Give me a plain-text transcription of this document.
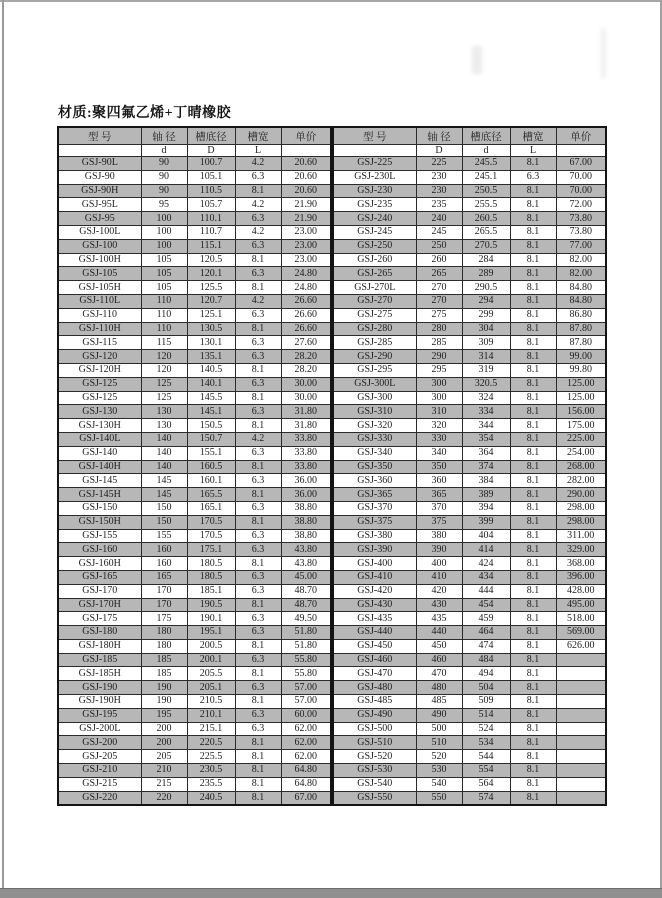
材质:聚四氟乙烯+丁晴橡胶
型 号	轴 径	槽底径	槽宽	单价
	d	D	L	
GSJ-90L	90	100.7	4.2	20.60
GSJ-90	90	105.1	6.3	20.60
GSJ-90H	90	110.5	8.1	20.60
GSJ-95L	95	105.7	4.2	21.90
GSJ-95	100	110.1	6.3	21.90
GSJ-100L	100	110.7	4.2	23.00
GSJ-100	100	115.1	6.3	23.00
GSJ-100H	105	120.5	8.1	23.00
GSJ-105	105	120.1	6.3	24.80
GSJ-105H	105	125.5	8.1	24.80
GSJ-110L	110	120.7	4.2	26.60
GSJ-110	110	125.1	6.3	26.60
GSJ-110H	110	130.5	8.1	26.60
GSJ-115	115	130.1	6.3	27.60
GSJ-120	120	135.1	6.3	28.20
GSJ-120H	120	140.5	8.1	28.20
GSJ-125	125	140.1	6.3	30.00
GSJ-125	125	145.5	8.1	30.00
GSJ-130	130	145.1	6.3	31.80
GSJ-130H	130	150.5	8.1	31.80
GSJ-140L	140	150.7	4.2	33.80
GSJ-140	140	155.1	6.3	33.80
GSJ-140H	140	160.5	8.1	33.80
GSJ-145	145	160.1	6.3	36.00
GSJ-145H	145	165.5	8.1	36.00
GSJ-150	150	165.1	6.3	38.80
GSJ-150H	150	170.5	8.1	38.80
GSJ-155	155	170.5	6.3	38.80
GSJ-160	160	175.1	6.3	43.80
GSJ-160H	160	180.5	8.1	43.80
GSJ-165	165	180.5	6.3	45.00
GSJ-170	170	185.1	6.3	48.70
GSJ-170H	170	190.5	8.1	48.70
GSJ-175	175	190.1	6.3	49.50
GSJ-180	180	195.1	6.3	51.80
GSJ-180H	180	200.5	8.1	51.80
GSJ-185	185	200.1	6.3	55.80
GSJ-185H	185	205.5	8.1	55.80
GSJ-190	190	205.1	6.3	57.00
GSJ-190H	190	210.5	8.1	57.00
GSJ-195	195	210.1	6.3	60.00
GSJ-200L	200	215.1	6.3	62.00
GSJ-200	200	220.5	8.1	62.00
GSJ-205	205	225.5	8.1	62.00
GSJ-210	210	230.5	8.1	64.80
GSJ-215	215	235.5	8.1	64.80
GSJ-220	220	240.5	8.1	67.00
型 号	轴 径	槽底径	槽宽	单价
	D	d	L	
GSJ-225	225	245.5	8.1	67.00
GSJ-230L	230	245.1	6.3	70.00
GSJ-230	230	250.5	8.1	70.00
GSJ-235	235	255.5	8.1	72.00
GSJ-240	240	260.5	8.1	73.80
GSJ-245	245	265.5	8.1	73.80
GSJ-250	250	270.5	8.1	77.00
GSJ-260	260	284	8.1	82.00
GSJ-265	265	289	8.1	82.00
GSJ-270L	270	290.5	8.1	84.80
GSJ-270	270	294	8.1	84.80
GSJ-275	275	299	8.1	86.80
GSJ-280	280	304	8.1	87.80
GSJ-285	285	309	8.1	87.80
GSJ-290	290	314	8.1	99.00
GSJ-295	295	319	8.1	99.80
GSJ-300L	300	320.5	8.1	125.00
GSJ-300	300	324	8.1	125.00
GSJ-310	310	334	8.1	156.00
GSJ-320	320	344	8.1	175.00
GSJ-330	330	354	8.1	225.00
GSJ-340	340	364	8.1	254.00
GSJ-350	350	374	8.1	268.00
GSJ-360	360	384	8.1	282.00
GSJ-365	365	389	8.1	290.00
GSJ-370	370	394	8.1	298.00
GSJ-375	375	399	8.1	298.00
GSJ-380	380	404	8.1	311.00
GSJ-390	390	414	8.1	329.00
GSJ-400	400	424	8.1	368.00
GSJ-410	410	434	8.1	396.00
GSJ-420	420	444	8.1	428.00
GSJ-430	430	454	8.1	495.00
GSJ-435	435	459	8.1	518.00
GSJ-440	440	464	8.1	569.00
GSJ-450	450	474	8.1	626.00
GSJ-460	460	484	8.1	
GSJ-470	470	494	8.1	
GSJ-480	480	504	8.1	
GSJ-485	485	509	8.1	
GSJ-490	490	514	8.1	
GSJ-500	500	524	8.1	
GSJ-510	510	534	8.1	
GSJ-520	520	544	8.1	
GSJ-530	530	554	8.1	
GSJ-540	540	564	8.1	
GSJ-550	550	574	8.1	
